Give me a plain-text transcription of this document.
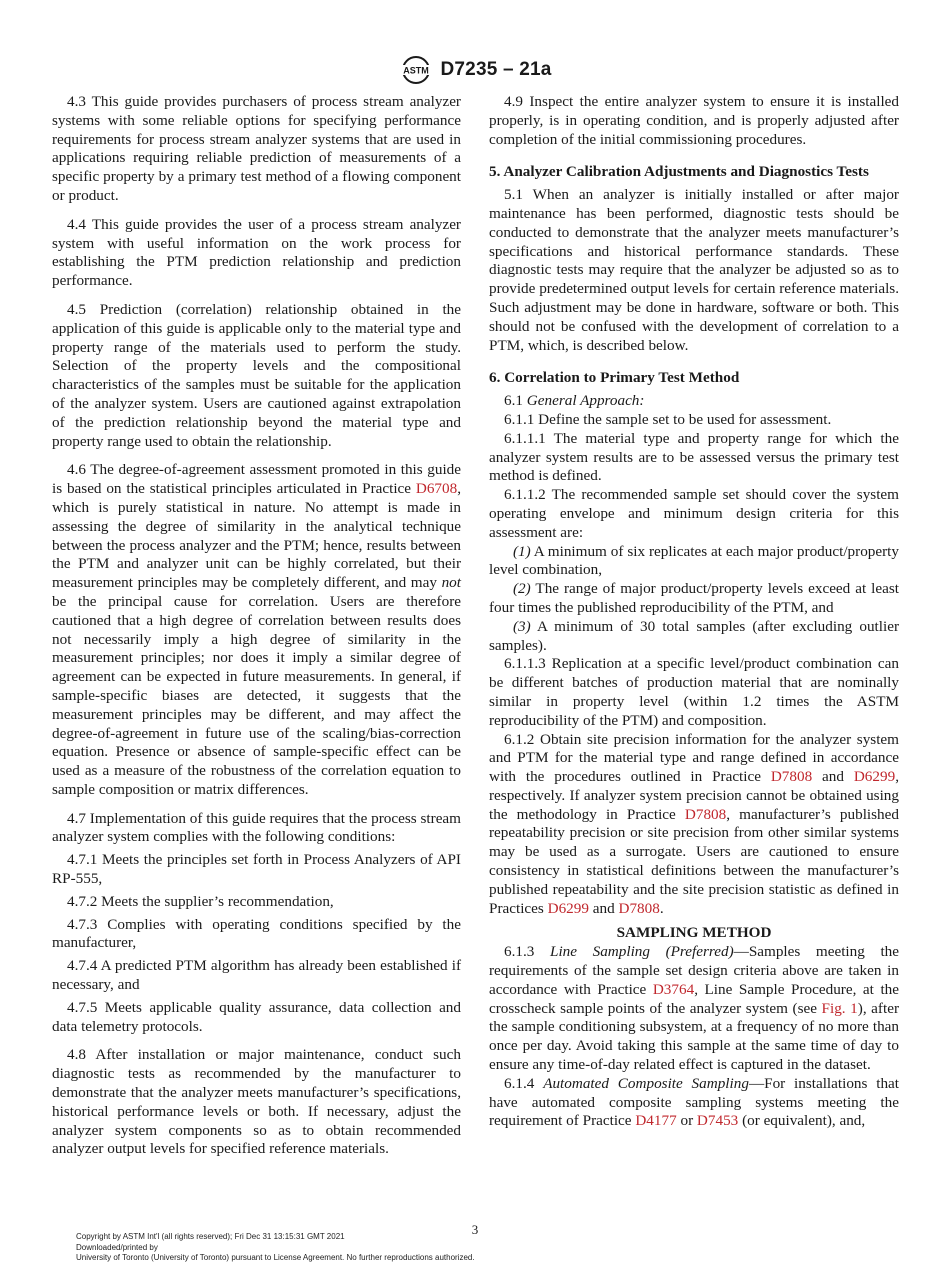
ASTM D7235 – 21a

4.3 This guide provides purchasers of process stream analyzer systems with some reliable options for specifying performance requirements for process stream analyzer systems that are used in applications requiring reliable prediction of measurements of a specific property by a primary test method of a flowing component or product.

4.4 This guide provides the user of a process stream analyzer system with useful information on the work process for establishing the PTM prediction relationship and prediction performance.

4.5 Prediction (correlation) relationship obtained in the application of this guide is applicable only to the material type and property range of the materials used to perform the study. Selection of the property levels and the compositional characteristics of the samples must be suitable for the application of the analyzer system. Users are cautioned against extrapolation of the prediction relationship beyond the material type and property range used to obtain the relationship.

4.6 The degree-of-agreement assessment promoted in this guide is based on the statistical principles articulated in Practice D6708, which is purely statistical in nature. No attempt is made in assessing the degree of similarity in the analytical technique between the process analyzer and the PTM; hence, results between the PTM and analyzer unit can be highly correlated, but their measurement principles may be completely different, and may not be the principal cause for correlation. Users are therefore cautioned that a high degree of correlation between results does not necessarily imply a high degree of similarity in the measurement principles; nor does it imply a similar degree of agreement can be expected in future measurements. In general, if sample-specific biases are detected, it suggests that the measurement principles may be different, and may affect the degree-of-agreement in future use of the scaling/bias-correction equation. Presence or absence of sample-specific effect can be used as a measure of the robustness of the correlation equation to sample composition or matrix differences.

4.7 Implementation of this guide requires that the process stream analyzer system complies with the following conditions:

4.7.1 Meets the principles set forth in Process Analyzers of API RP-555,

4.7.2 Meets the supplier’s recommendation,

4.7.3 Complies with operating conditions specified by the manufacturer,

4.7.4 A predicted PTM algorithm has already been established if necessary, and

4.7.5 Meets applicable quality assurance, data collection and data telemetry protocols.

4.8 After installation or major maintenance, conduct such diagnostic tests as recommended by the manufacturer to demonstrate that the analyzer meets manufacturer’s specifications, historical performance levels or both. If necessary, adjust the analyzer system components so as to obtain recommended analyzer output levels for specified reference materials.

4.9 Inspect the entire analyzer system to ensure it is installed properly, is in operating condition, and is properly adjusted after completion of the initial commissioning procedures.

5. Analyzer Calibration Adjustments and Diagnostics Tests

5.1 When an analyzer is initially installed or after major maintenance has been performed, diagnostic tests should be conducted to demonstrate that the analyzer meets manufacturer’s specifications and historical performance standards. These diagnostic tests may require that the analyzer be adjusted so as to provide predetermined output levels for certain reference materials. Such adjustment may be done in hardware, software or both. This should not be confused with the development of correlation to a PTM, which, is described below.

6. Correlation to Primary Test Method

6.1 General Approach:

6.1.1 Define the sample set to be used for assessment.

6.1.1.1 The material type and property range for which the analyzer system results are to be assessed versus the primary test method is defined.

6.1.1.2 The recommended sample set should cover the system operating envelope and minimum design criteria for this assessment are:

(1) A minimum of six replicates at each major product/property level combination,

(2) The range of major product/property levels exceed at least four times the published reproducibility of the PTM, and

(3) A minimum of 30 total samples (after excluding outlier samples).

6.1.1.3 Replication at a specific level/product combination can be different batches of production material that are nominally similar in property level (within 1.2 times the ASTM reproducibility of the PTM) and composition.

6.1.2 Obtain site precision information for the analyzer system and PTM for the material type and range defined in accordance with the procedures outlined in Practice D7808 and D6299, respectively. If analyzer system precision cannot be obtained using the methodology in Practice D7808, manufacturer’s published repeatability precision or site precision from other similar systems may be used as a surrogate. Users are cautioned to ensure consistency in statistical definitions between the manufacturer’s published repeatability and the site precision statistic as defined in Practices D6299 and D7808.

SAMPLING METHOD

6.1.3 Line Sampling (Preferred)—Samples meeting the requirements of the sample set design criteria above are taken in accordance with Practice D3764, Line Sample Procedure, at the crosscheck sample points of the analyzer system (see Fig. 1), after the sample conditioning subsystem, at a frequency of no more than once per day. Avoid taking this sample at the same time of day to ensure any time-of-day related effect is captured in the dataset.

6.1.4 Automated Composite Sampling—For installations that have automated composite sampling systems meeting the requirement of Practice D4177 or D7453 (or equivalent), and,

3
Copyright by ASTM Int'l (all rights reserved); Fri Dec 31 13:15:31 GMT 2021
Downloaded/printed by
University of Toronto (University of Toronto) pursuant to License Agreement. No further reproductions authorized.
